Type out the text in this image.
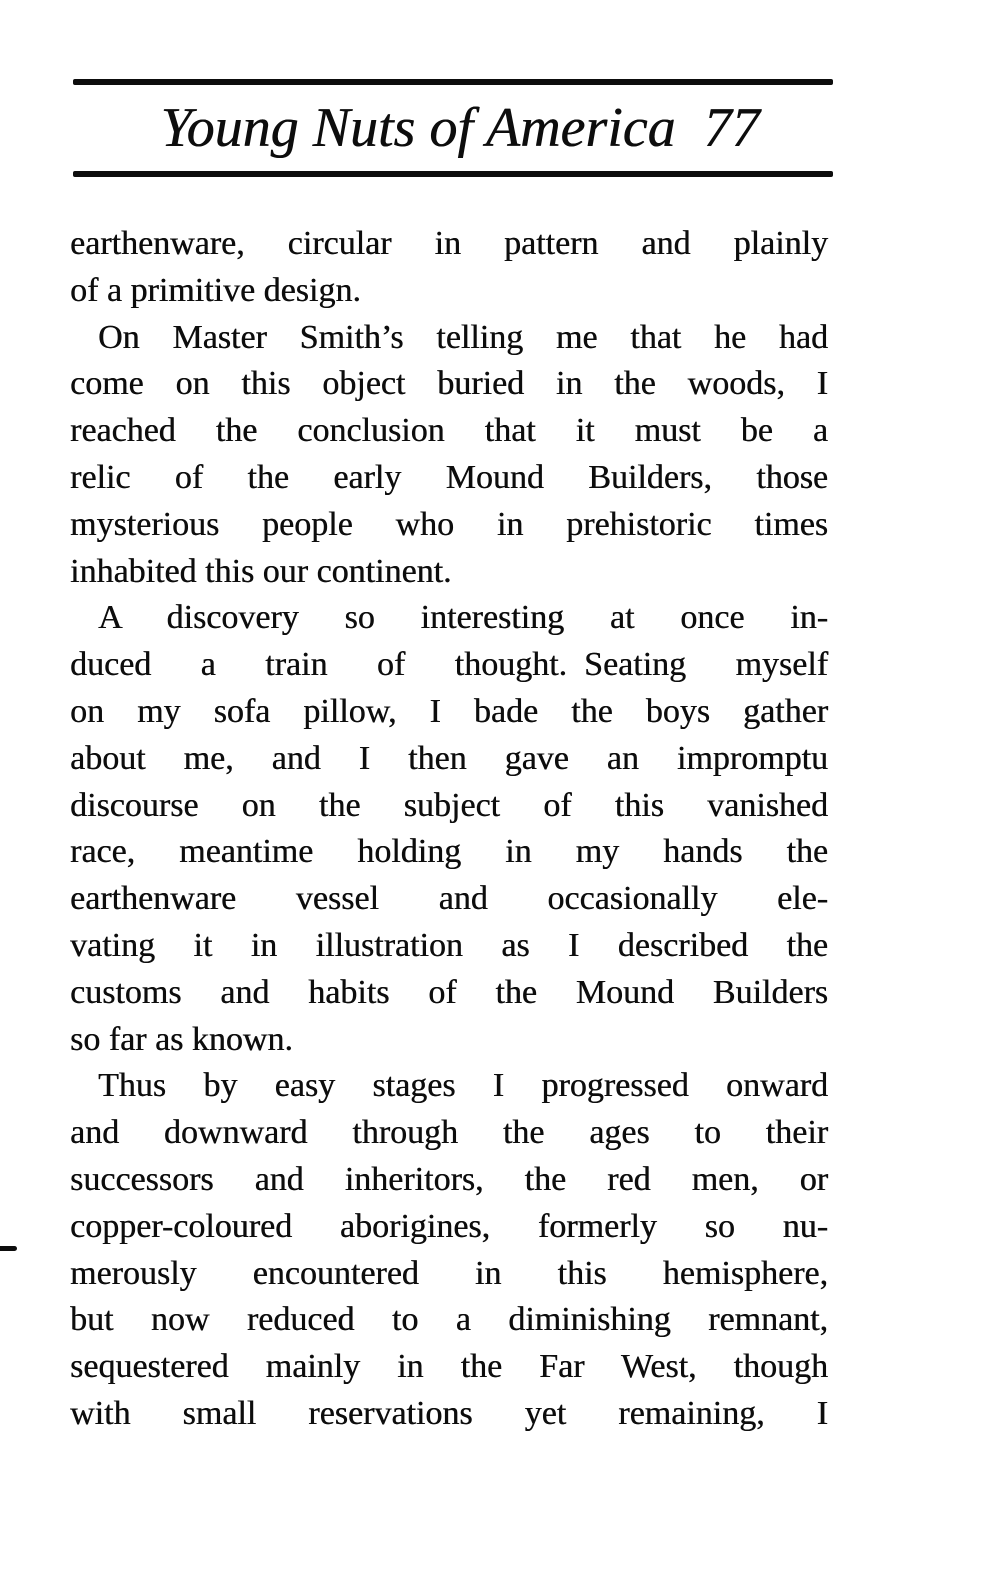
Young Nuts of America 77
earthenware, circular in pattern and plainly
of a primitive design.
On Master Smith’s telling me that he had
come on this object buried in the woods, I
reached the conclusion that it must be a
relic of the early Mound Builders, those
mysterious people who in prehistoric times
inhabited this our continent.
A discovery so interesting at once in-
duced a train of thought. Seating myself
on my sofa pillow, I bade the boys gather
about me, and I then gave an impromptu
discourse on the subject of this vanished
race, meantime holding in my hands the
earthenware vessel and occasionally ele-
vating it in illustration as I described the
customs and habits of the Mound Builders
so far as known.
Thus by easy stages I progressed onward
and downward through the ages to their
successors and inheritors, the red men, or
copper-coloured aborigines, formerly so nu-
merously encountered in this hemisphere,
but now reduced to a diminishing remnant,
sequestered mainly in the Far West, though
with small reservations yet remaining, I
